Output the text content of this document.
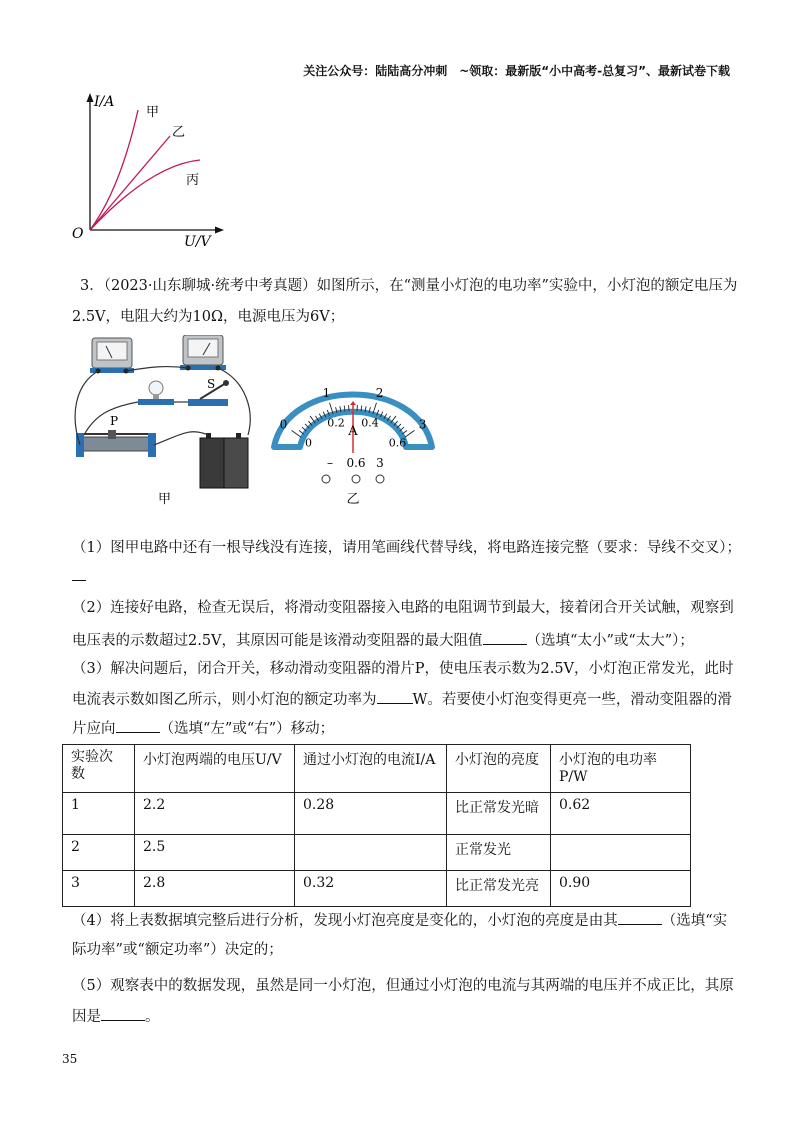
关注公众号：陆陆高分冲刺　~领取：最新版“小中高考-总复习”、最新试卷下载
I/A
U/V
O
甲
乙
丙
3．（2023·山东聊城·统考中考真题）如图所示，在“测量小灯泡的电功率”实验中，小灯泡的额定电压为
2.5V，电阻大约为10Ω，电源电压为6V；
S
P
甲
0
1	2
3
0
0.2 0.4
0.6
A
– 0.6 3
乙
（1）图甲电路中还有一根导线没有连接，请用笔画线代替导线，将电路连接完整（要求：导线不交叉）；
（2）连接好电路，检查无误后，将滑动变阻器接入电路的电阻调节到最大，接着闭合开关试触，观察到
电压表的示数超过2.5V，其原因可能是该滑动变阻器的最大阻值	（选填“太小”或“太大”）；
（3）解决问题后，闭合开关，移动滑动变阻器的滑片P，使电压表示数为2.5V，小灯泡正常发光，此时
电流表示数如图乙所示，则小灯泡的额定功率为 W。若要使小灯泡变得更亮一些，滑动变阻器的滑
片应向	（选填“左”或“右”）移动；
实验次数	小灯泡两端的电压U/V	通过小灯泡的电流I/A	小灯泡的亮度	小灯泡的电功率P/W
1	2.2	0.28	比正常发光暗	0.62
2	2.5		正常发光	
3	2.8	0.32	比正常发光亮	0.90
（4）将上表数据填完整后进行分析，发现小灯泡亮度是变化的，小灯泡的亮度是由其	（选填“实
际功率”或“额定功率”）决定的；
（5）观察表中的数据发现，虽然是同一小灯泡，但通过小灯泡的电流与其两端的电压并不成正比，其原
因是	。
35
